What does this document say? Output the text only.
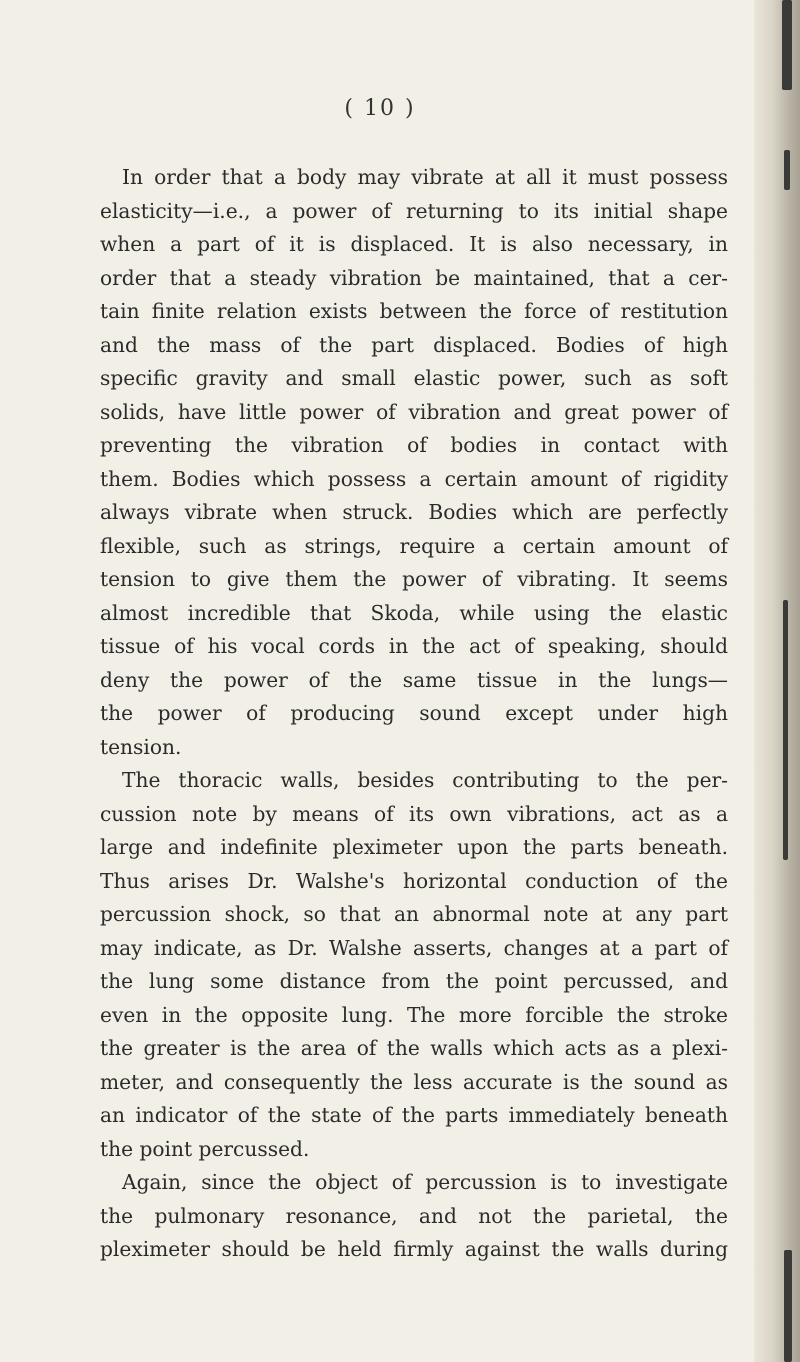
( 10 )
In order that a body may vibrate at all it must possess
elasticity—i.e., a power of returning to its initial shape
when a part of it is displaced. It is also necessary, in
order that a steady vibration be maintained, that a cer-
tain finite relation exists between the force of restitution
and the mass of the part displaced. Bodies of high
specific gravity and small elastic power, such as soft
solids, have little power of vibration and great power of
preventing the vibration of bodies in contact with
them. Bodies which possess a certain amount of rigidity
always vibrate when struck. Bodies which are perfectly
flexible, such as strings, require a certain amount of
tension to give them the power of vibrating. It seems
almost incredible that Skoda, while using the elastic
tissue of his vocal cords in the act of speaking, should
deny the power of the same tissue in the lungs—
the power of producing sound except under high
tension.
The thoracic walls, besides contributing to the per-
cussion note by means of its own vibrations, act as a
large and indefinite pleximeter upon the parts beneath.
Thus arises Dr. Walshe's horizontal conduction of the
percussion shock, so that an abnormal note at any part
may indicate, as Dr. Walshe asserts, changes at a part of
the lung some distance from the point percussed, and
even in the opposite lung. The more forcible the stroke
the greater is the area of the walls which acts as a plexi-
meter, and consequently the less accurate is the sound as
an indicator of the state of the parts immediately beneath
the point percussed.
Again, since the object of percussion is to investigate
the pulmonary resonance, and not the parietal, the
pleximeter should be held firmly against the walls during
